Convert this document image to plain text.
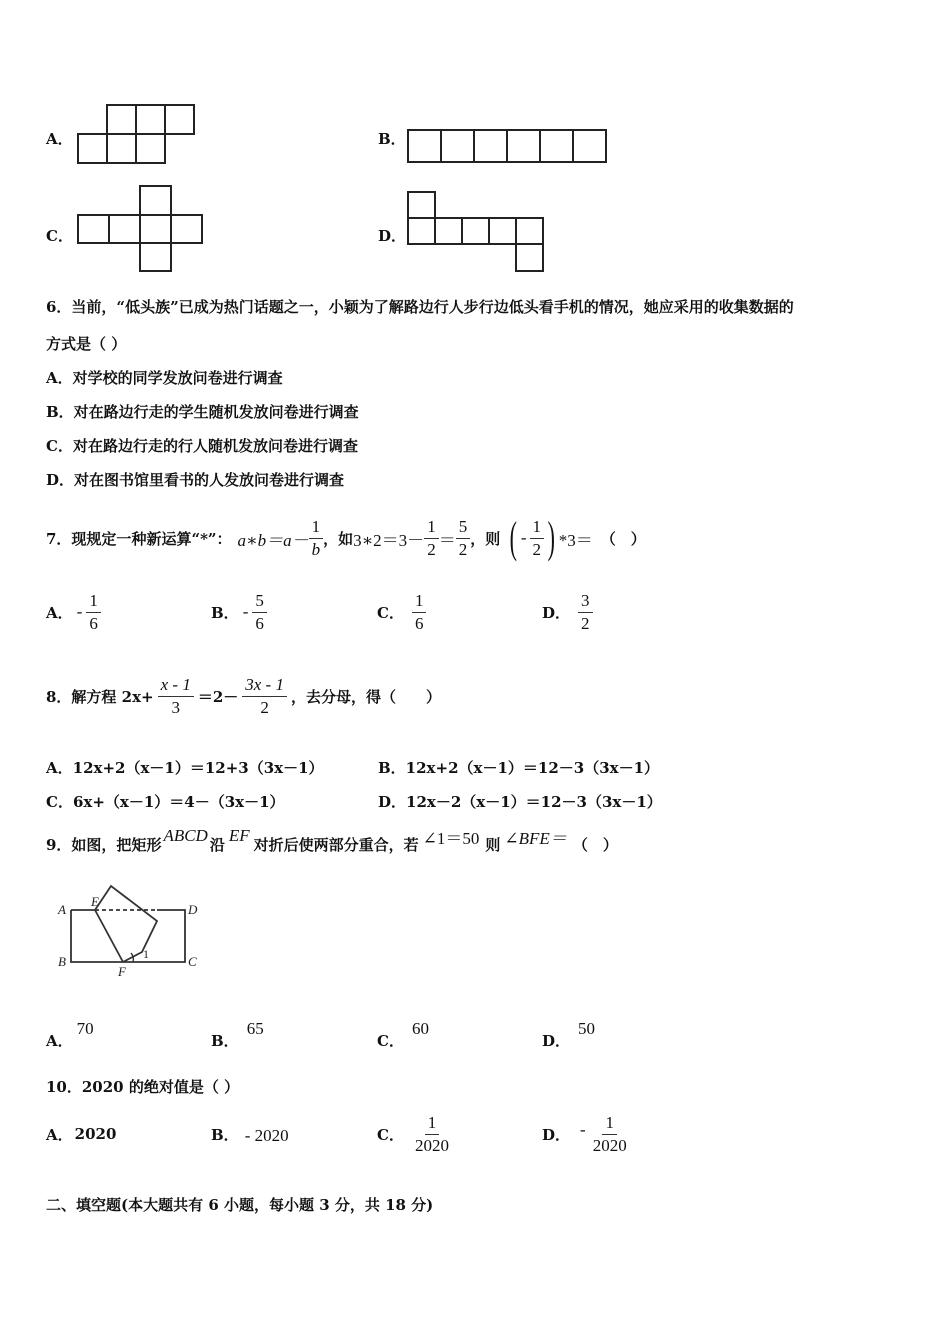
A．	B．
C．	D．
6．当前，“低头族”已成为热门话题之一，小颖为了解路边行人步行边低头看手机的情况，她应采用的收集数据的
方式是（ ）
A．对学校的同学发放问卷进行调查
B．对在路边行走的学生随机发放问卷进行调查
C．对在路边行走的行人随机发放问卷进行调查
D．对在图书馆里看书的人发放问卷进行调查
7．现规定一种新运算“*”： a∗b＝a－ $\frac{1}{b}$ ，如 3∗2＝3－ $\frac{1}{2} = \frac{5}{2}$ ，则 ( - $\frac{1}{2}$ ) *3＝ （　）
A． - $\frac{1}{6}$	B． - $\frac{5}{6}$	C． $\frac{1}{6}$	D． $\frac{3}{2}$
8．解方程 $2x+ \frac{x - 1}{3} =2- \frac{3x - 1}{2}$ ，去分母，得（　　）
A．12x+2（x－1）＝12+3（3x－1）	B．12x+2（x－1）＝12－3（3x－1）
C．6x+（x－1）＝4－（3x－1）	D．12x－2（x－1）＝12－3（3x－1）
9．如图，把矩形 ABCD 沿 EF 对折后使两部分重合，若 ∠1＝50 则 ∠BFE＝ （　）
A
E
D
B
F
C
1
A．70
B．65
C．60
D．50
10．2020 的绝对值是（ ）
A． 2020	B． - 2020	C． $\frac{1}{2020}$	D． - $\frac{1}{2020}$
二、填空题(本大题共有 6 小题，每小题 3 分，共 18 分)
